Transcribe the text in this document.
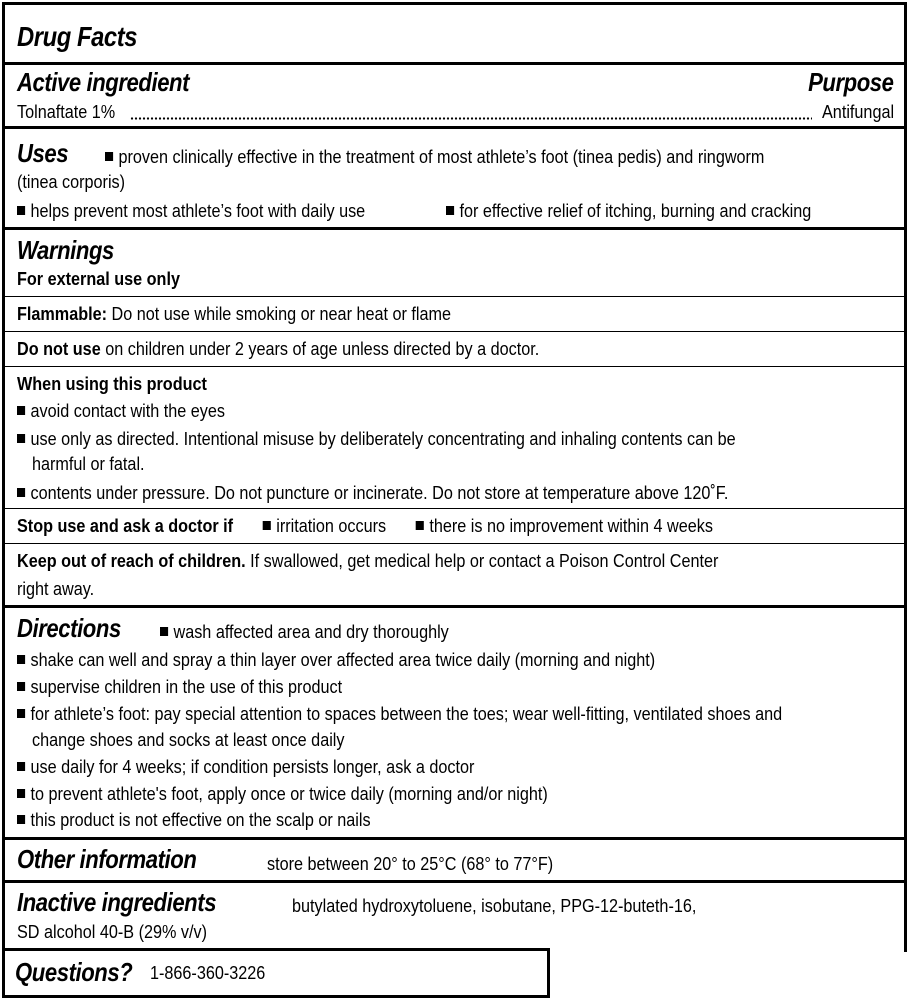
Drug Facts
Active ingredient	Purpose
Tolnaftate 1%	Antifungal
Uses	proven clinically effective in the treatment of most athlete’s foot (tinea pedis) and ringworm
(tinea corporis)
helps prevent most athlete’s foot with daily use	for effective relief of itching, burning and cracking
Warnings
For external use only
Flammable: Do not use while smoking or near heat or flame
Do not use on children under 2 years of age unless directed by a doctor.
When using this product
avoid contact with the eyes
use only as directed. Intentional misuse by deliberately concentrating and inhaling contents can be
harmful or fatal.
contents under pressure. Do not puncture or incinerate. Do not store at temperature above 120˚F.
Stop use and ask a doctor if irritation occurs there is no improvement within 4 weeks
Keep out of reach of children. If swallowed, get medical help or contact a Poison Control Center
right away.
Directions	wash affected area and dry thoroughly
shake can well and spray a thin layer over affected area twice daily (morning and night)
supervise children in the use of this product
for athlete’s foot: pay special attention to spaces between the toes; wear well-fitting, ventilated shoes and
change shoes and socks at least once daily
use daily for 4 weeks; if condition persists longer, ask a doctor
to prevent athlete's foot, apply once or twice daily (morning and/or night)
this product is not effective on the scalp or nails
Other information	store between 20° to 25°C (68° to 77°F)
Inactive ingredients	butylated hydroxytoluene, isobutane, PPG-12-buteth-16,
SD alcohol 40-B (29% v/v)
Questions? 1-866-360-3226
